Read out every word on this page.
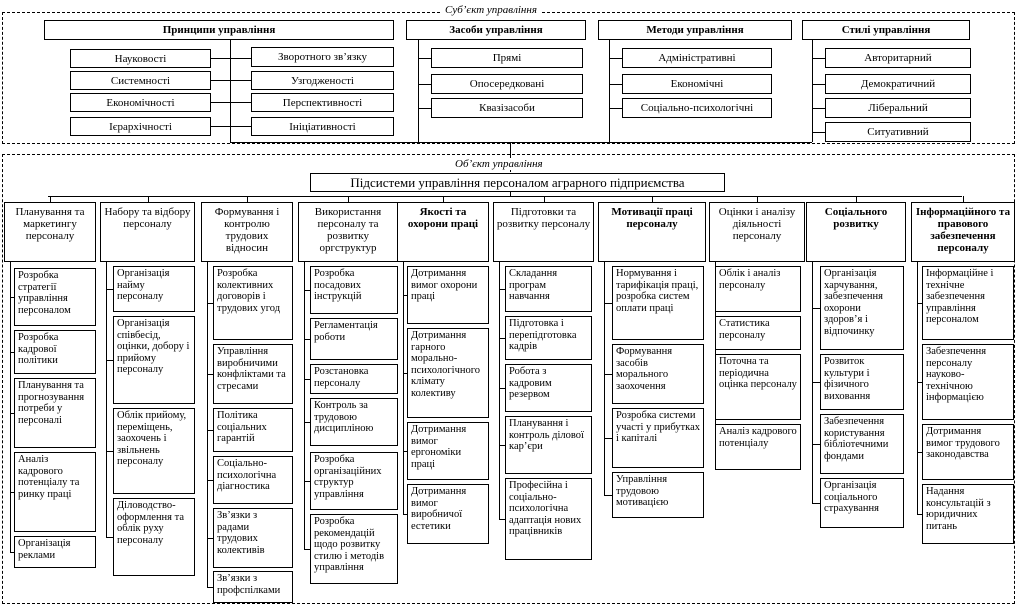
Суб’єкт управління
Принципи управління
Науковості
Системності
Економічності
Ієрархічності
Зворотного зв’язку
Узгодженості
Перспективності
Ініціативності
Засоби управління
Прямі
Опосередковані
Квазізасоби
Методи управління
Адміністративні
Економічні
Соціально-психологічні
Стилі управління
Авторитарний
Демократичний
Ліберальний
Ситуативний
Об’єкт управління
Підсистеми управління персоналом аграрного підприємства
Планування та маркетингу персоналу
Розробка стратегії управління персоналом
Розробка кадрової політики
Планування та прогнозування потреби у персоналі
Аналіз кадрового потенціалу та ринку праці
Організація реклами
Набору та відбору персоналу
Організація найму персоналу
Організація співбесід, оцінки, добору і прийому персоналу
Облік прийому, переміщень, заохочень і звільнень персоналу
Діловодство-оформлення та облік руху персоналу
Формування і контролю трудових відносин
Розробка колективних договорів і трудових угод
Управління виробничими конфліктами та стресами
Політика соціальних гарантій
Соціально-психологічна діагностика
Зв’язки з радами трудових колективів
Зв’язки з профспілками
Використання персоналу та розвитку оргструктур
Розробка посадових інструкцій
Регламентація роботи
Розстановка персоналу
Контроль за трудовою дисципліною
Розробка організаційних структур управління
Розробка рекомендацій щодо розвитку стилю і методів управління
Якості та охорони праці
Дотримання вимог охорони праці
Дотримання гарного морально-психологічного клімату колективу
Дотримання вимог ергономіки праці
Дотримання вимог виробничої естетики
Підготовки та розвитку персоналу
Складання програм навчання
Підготовка і перепідготовка кадрів
Робота з кадровим резервом
Планування і контроль ділової кар’єри
Професійна і соціально-психологічна адаптація нових працівників
Мотивації праці персоналу
Нормування і тарифікація праці, розробка систем оплати праці
Формування засобів морального заохочення
Розробка системи участі у прибутках і капіталі
Управління трудовою мотивацією
Оцінки і аналізу діяльності персоналу
Облік і аналіз персоналу
Статистика персоналу
Поточна та періодична оцінка персоналу
Аналіз кадрового потенціалу
Соціального розвитку
Організація харчування, забезпечення охорони здоров’я і відпочинку
Розвиток культури і фізичного виховання
Забезпечення користування бібліотечними фондами
Організація соціального страхування
Інформаційного та правового забезпечення персоналу
Інформаційне і технічне забезпечення управління персоналом
Забезпечення персоналу науково-технічною інформацією
Дотримання вимог трудового законодавства
Надання консультацій з юридичних питань
